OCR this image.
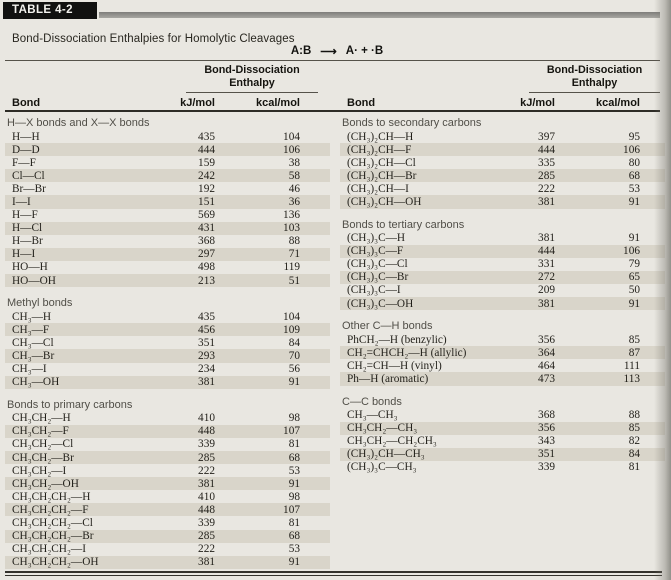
TABLE 4-2
Bond-Dissociation Enthalpies for Homolytic Cleavages
A:B ⟶ A· + ·B
Bond-Dissociation
Enthalpy
Bond-Dissociation
Enthalpy
Bond	kJ/mol	kcal/mol	Bond	kJ/mol	kcal/mol
H—X bonds and X—X bonds
H—H	435	104
D—D	444	106
F—F	159	38
Cl—Cl	242	58
Br—Br	192	46
I—I	151	36
H—F	569	136
H—Cl	431	103
H—Br	368	88
H—I	297	71
HO—H	498	119
HO—OH	213	51
Methyl bonds
CH₃—H	435	104
CH₃—F	456	109
CH₃—Cl	351	84
CH₃—Br	293	70
CH₃—I	234	56
CH₃—OH	381	91
Bonds to primary carbons
CH₃CH₂—H	410	98
CH₃CH₂—F	448	107
CH₃CH₂—Cl	339	81
CH₃CH₂—Br	285	68
CH₃CH₂—I	222	53
CH₃CH₂—OH	381	91
CH₃CH₂CH₂—H	410	98
CH₃CH₂CH₂—F	448	107
CH₃CH₂CH₂—Cl	339	81
CH₃CH₂CH₂—Br	285	68
CH₃CH₂CH₂—I	222	53
CH₃CH₂CH₂—OH	381	91
Bonds to secondary carbons
(CH₃)₂CH—H	397	95
(CH₃)₂CH—F	444	106
(CH₃)₂CH—Cl	335	80
(CH₃)₂CH—Br	285	68
(CH₃)₂CH—I	222	53
(CH₃)₂CH—OH	381	91
Bonds to tertiary carbons
(CH₃)₃C—H	381	91
(CH₃)₃C—F	444	106
(CH₃)₃C—Cl	331	79
(CH₃)₃C—Br	272	65
(CH₃)₃C—I	209	50
(CH₃)₃C—OH	381	91
Other C—H bonds
PhCH₂—H (benzylic)	356	85
CH₂=CHCH₂—H (allylic)	364	87
CH₂=CH—H (vinyl)	464	111
Ph—H (aromatic)	473	113
C—C bonds
CH₃—CH₃	368	88
CH₃CH₂—CH₃	356	85
CH₃CH₂—CH₂CH₃	343	82
(CH₃)₂CH—CH₃	351	84
(CH₃)₃C—CH₃	339	81
